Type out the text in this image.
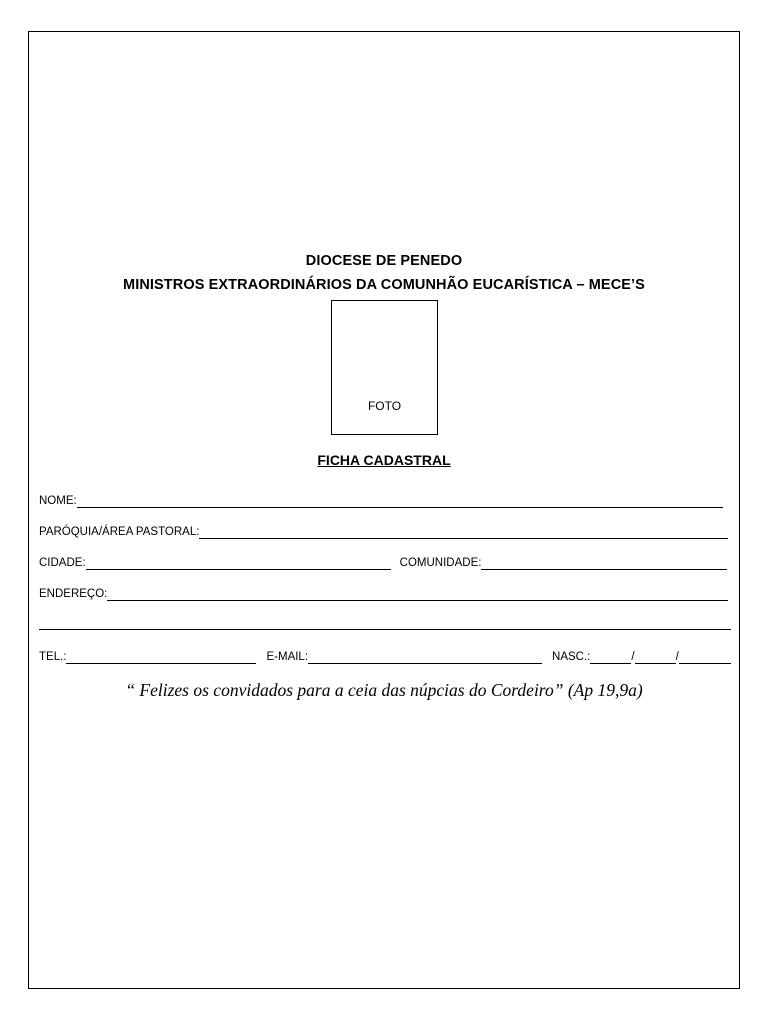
DIOCESE DE PENEDO
MINISTROS EXTRAORDINÁRIOS DA COMUNHÃO EUCARÍSTICA – MECE’S
FOTO
FICHA CADASTRAL
NOME:
PARÓQUIA/ÁREA PASTORAL:
CIDADE:	COMUNIDADE:
ENDEREÇO:
TEL.:	E-MAIL:	NASC.:	/	/
“ Felizes os convidados para a ceia das núpcias do Cordeiro” (Ap 19,9a)
